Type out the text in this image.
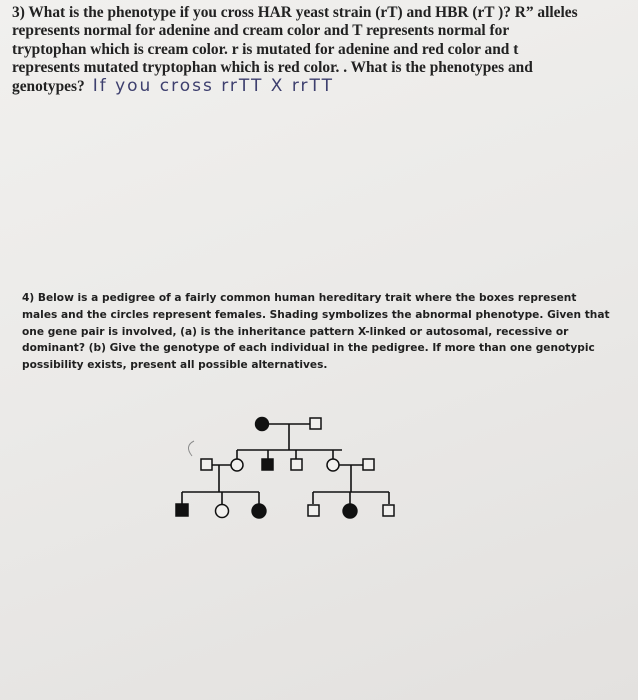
3) What is the phenotype if you cross HAR yeast strain (rT) and HBR (rT )? R” alleles

represents normal for adenine and cream color and T represents normal for

tryptophan which is cream color. r is mutated for adenine and red color and t

represents mutated tryptophan which is red color. . What is the phenotypes and

genotypes? If you cross rrTT X rrTT

4) Below is a pedigree of a fairly common human hereditary trait where the boxes represent

males and the circles represent females. Shading symbolizes the abnormal phenotype. Given that

one gene pair is involved, (a) is the inheritance pattern X-linked or autosomal, recessive or

dominant? (b) Give the genotype of each individual in the pedigree. If more than one genotypic

possibility exists, present all possible alternatives.
